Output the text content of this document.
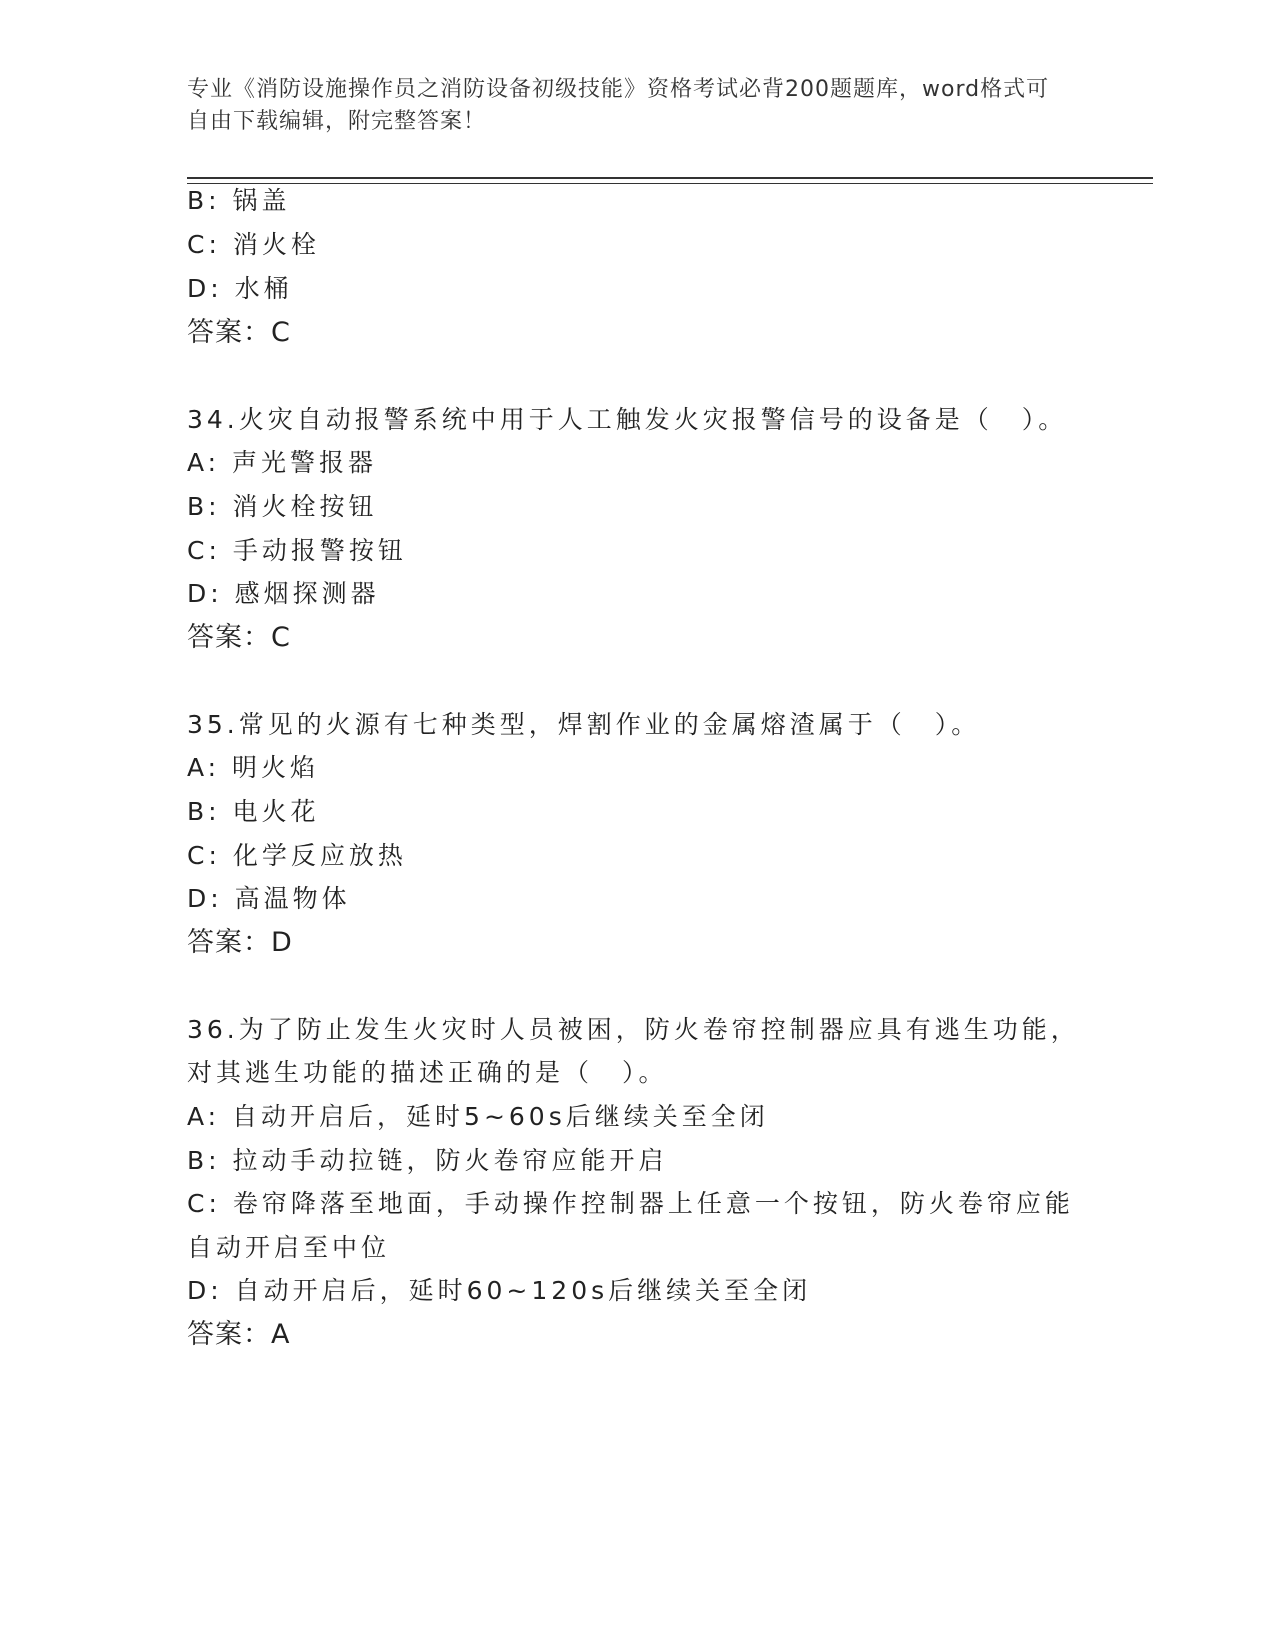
专业《消防设施操作员之消防设备初级技能》资格考试必背200题题库，word格式可自由下载编辑，附完整答案！
B: 锅盖
C: 消火栓
D: 水桶
答案：C
34.火灾自动报警系统中用于人工触发火灾报警信号的设备是（　）。
A: 声光警报器
B: 消火栓按钮
C: 手动报警按钮
D: 感烟探测器
答案：C
35.常见的火源有七种类型，焊割作业的金属熔渣属于（　）。
A: 明火焰
B: 电火花
C: 化学反应放热
D: 高温物体
答案：D
36.为了防止发生火灾时人员被困，防火卷帘控制器应具有逃生功能，
对其逃生功能的描述正确的是（　）。
A: 自动开启后，延时5~60s后继续关至全闭
B: 拉动手动拉链，防火卷帘应能开启
C: 卷帘降落至地面，手动操作控制器上任意一个按钮，防火卷帘应能
自动开启至中位
D: 自动开启后，延时60~120s后继续关至全闭
答案：A
